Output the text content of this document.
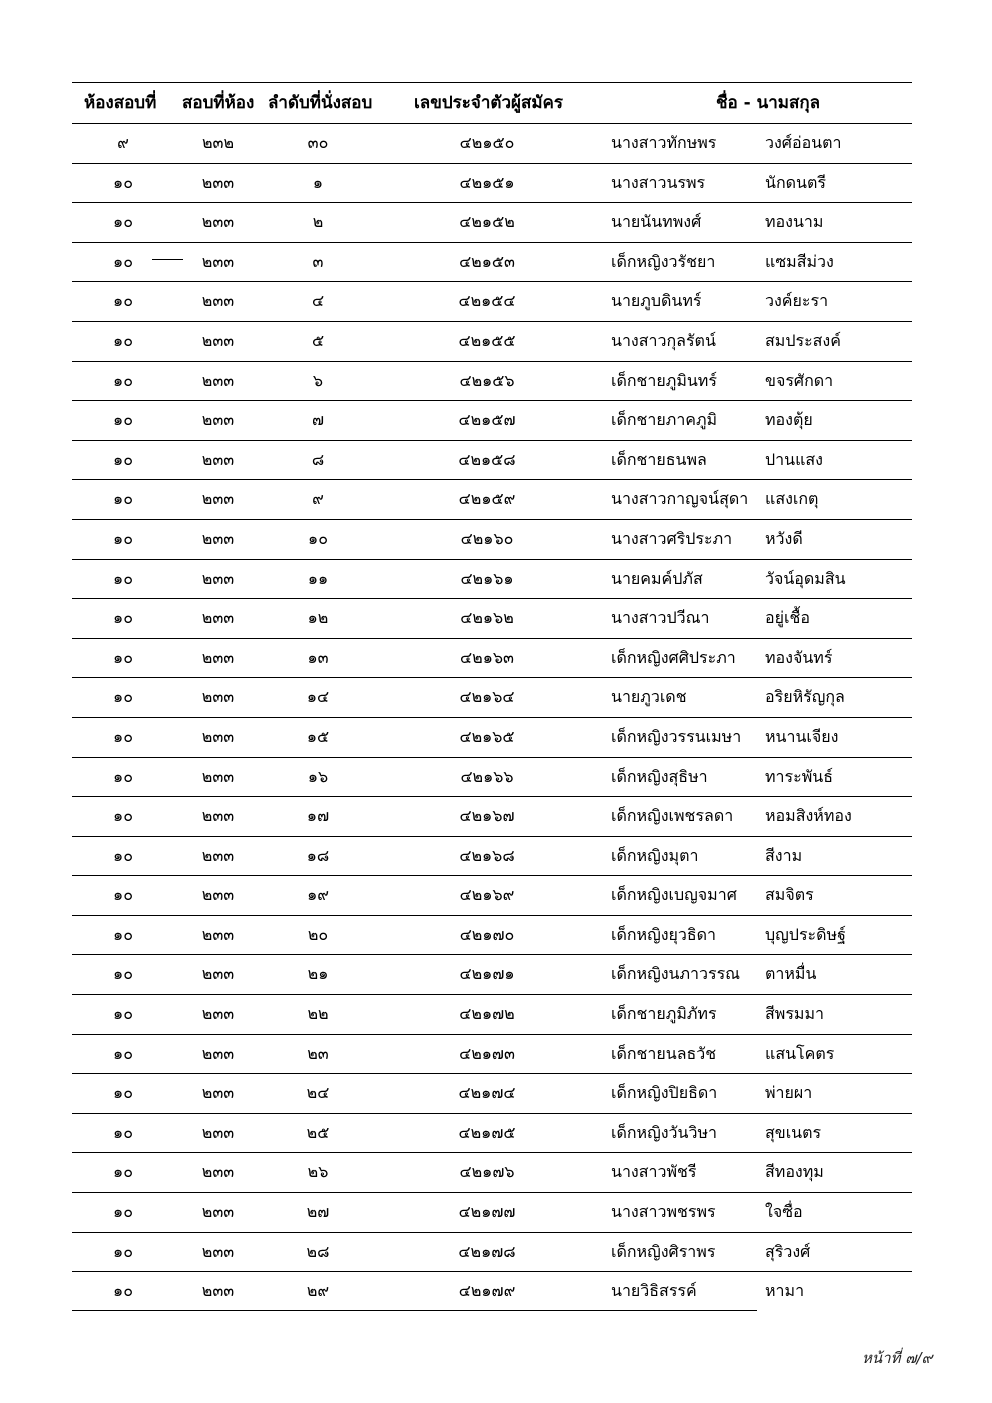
ห้องสอบที่ สอบที่ห้อง ลำดับที่นั่งสอบ เลขประจำตัวผู้สมัคร	ชื่อ - นามสกุล
๙	๒๓๒	๓๐	๔๒๑๕๐	นางสาวทักษพร	วงศ์อ่อนตา
๑๐	๒๓๓	๑	๔๒๑๕๑	นางสาวนรพร	นักดนตรี
๑๐	๒๓๓	๒	๔๒๑๕๒	นายนันทพงศ์	ทองนาม
๑๐	๒๓๓	๓	๔๒๑๕๓	เด็กหญิงวรัชยา	แซมสีม่วง
๑๐	๒๓๓	๔	๔๒๑๕๔	นายภูบดินทร์	วงค์ยะรา
๑๐	๒๓๓	๕	๔๒๑๕๕	นางสาวกุลรัตน์	สมประสงค์
๑๐	๒๓๓	๖	๔๒๑๕๖	เด็กชายภูมินทร์	ขจรศักดา
๑๐	๒๓๓	๗	๔๒๑๕๗	เด็กชายภาคภูมิ	ทองตุ้ย
๑๐	๒๓๓	๘	๔๒๑๕๘	เด็กชายธนพล	ปานแสง
๑๐	๒๓๓	๙	๔๒๑๕๙	นางสาวกาญจน์สุดา แสงเกตุ
๑๐	๒๓๓	๑๐	๔๒๑๖๐	นางสาวศริประภา หวังดี
๑๐	๒๓๓	๑๑	๔๒๑๖๑	นายคมค์ปภัส	วัจน์อุดมสิน
๑๐	๒๓๓	๑๒	๔๒๑๖๒	นางสาวปวีณา	อยู่เชื้อ
๑๐	๒๓๓	๑๓	๔๒๑๖๓	เด็กหญิงศศิประภา ทองจันทร์
๑๐	๒๓๓	๑๔	๔๒๑๖๔	นายภูวเดช	อริยหิรัญกุล
๑๐	๒๓๓	๑๕	๔๒๑๖๕	เด็กหญิงวรรนเมษา หนานเจียง
๑๐	๒๓๓	๑๖	๔๒๑๖๖	เด็กหญิงสุธิษา	ทาระพันธ์
๑๐	๒๓๓	๑๗	๔๒๑๖๗	เด็กหญิงเพชรลดา หอมสิงห์ทอง
๑๐	๒๓๓	๑๘	๔๒๑๖๘	เด็กหญิงมุตา	สีงาม
๑๐	๒๓๓	๑๙	๔๒๑๖๙	เด็กหญิงเบญจมาศ สมจิตร
๑๐	๒๓๓	๒๐	๔๒๑๗๐	เด็กหญิงยุวธิดา	บุญประดิษฐ์
๑๐	๒๓๓	๒๑	๔๒๑๗๑	เด็กหญิงนภาวรรณ ตาหมื่น
๑๐	๒๓๓	๒๒	๔๒๑๗๒	เด็กชายภูมิภัทร	สีพรมมา
๑๐	๒๓๓	๒๓	๔๒๑๗๓	เด็กชายนลธวัช	แสนโคตร
๑๐	๒๓๓	๒๔	๔๒๑๗๔	เด็กหญิงปิยธิดา	พ่ายผา
๑๐	๒๓๓	๒๕	๔๒๑๗๕	เด็กหญิงวันวิษา	สุขเนตร
๑๐	๒๓๓	๒๖	๔๒๑๗๖	นางสาวพัชรี	สีทองทุม
๑๐	๒๓๓	๒๗	๔๒๑๗๗	นางสาวพชรพร	ใจซื่อ
๑๐	๒๓๓	๒๘	๔๒๑๗๘	เด็กหญิงศิราพร	สุริวงศ์
๑๐	๒๓๓	๒๙	๔๒๑๗๙	นายวิธิสรรค์	หามา
หน้าที่ ๗/๙
